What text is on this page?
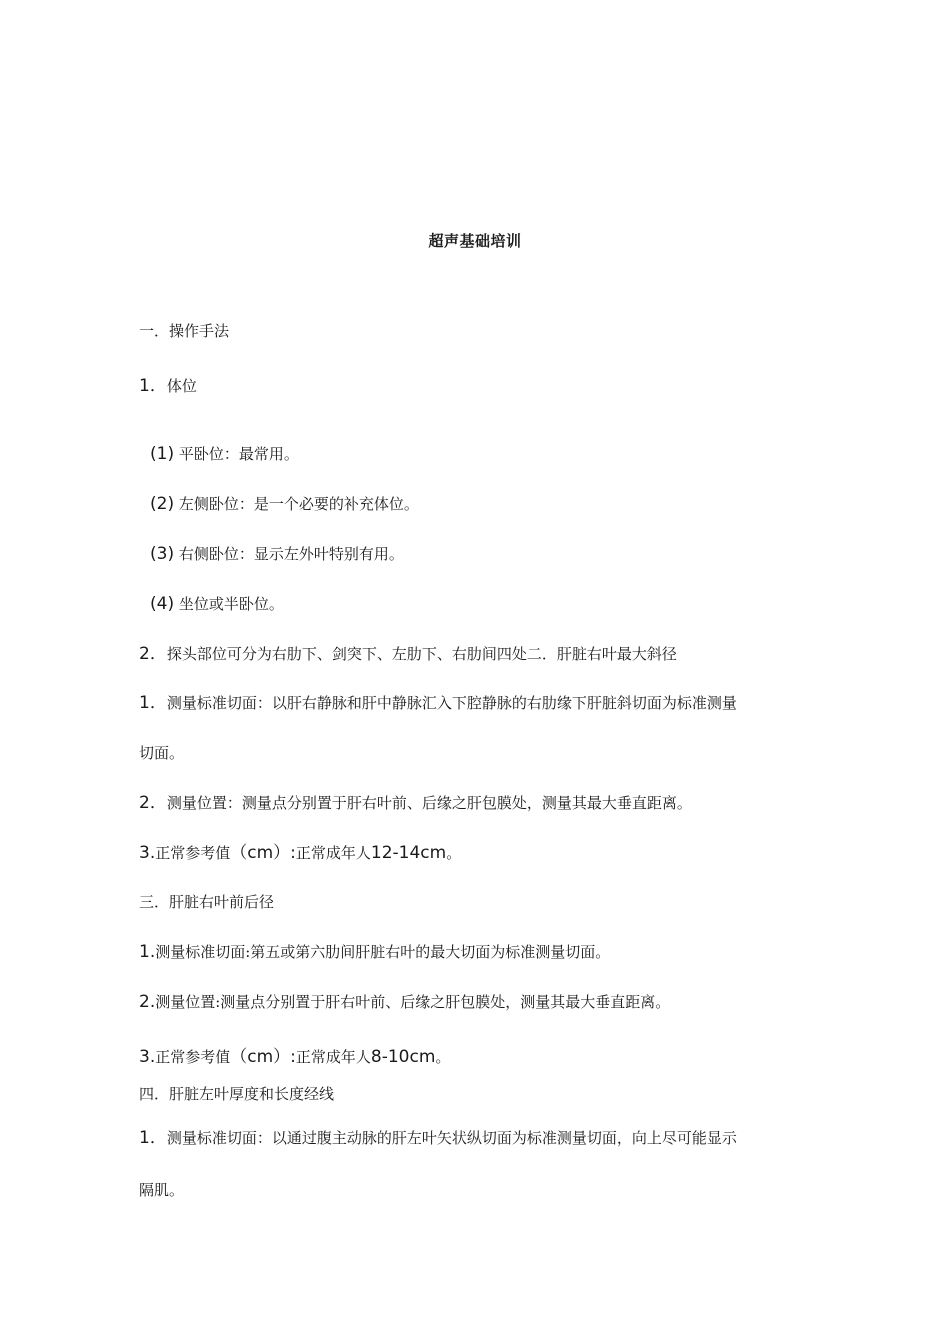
超声基础培训
一．操作手法
1．体位
(1) 平卧位：最常用。
(2) 左侧卧位：是一个必要的补充体位。
(3) 右侧卧位：显示左外叶特别有用。
(4) 坐位或半卧位。
2．探头部位可分为右肋下、剑突下、左肋下、右肋间四处二．肝脏右叶最大斜径
1．测量标准切面：以肝右静脉和肝中静脉汇入下腔静脉的右肋缘下肝脏斜切面为标准测量
切面。
2．测量位置：测量点分别置于肝右叶前、后缘之肝包膜处，测量其最大垂直距离。
3.正常参考值（cm）:正常成年人12-14cm。
三．肝脏右叶前后径
1.测量标准切面:第五或第六肋间肝脏右叶的最大切面为标准测量切面。
2.测量位置:测量点分别置于肝右叶前、后缘之肝包膜处，测量其最大垂直距离。
3.正常参考值（cm）:正常成年人8-10cm。
四．肝脏左叶厚度和长度经线
1．测量标准切面：以通过腹主动脉的肝左叶矢状纵切面为标准测量切面，向上尽可能显示
隔肌。
